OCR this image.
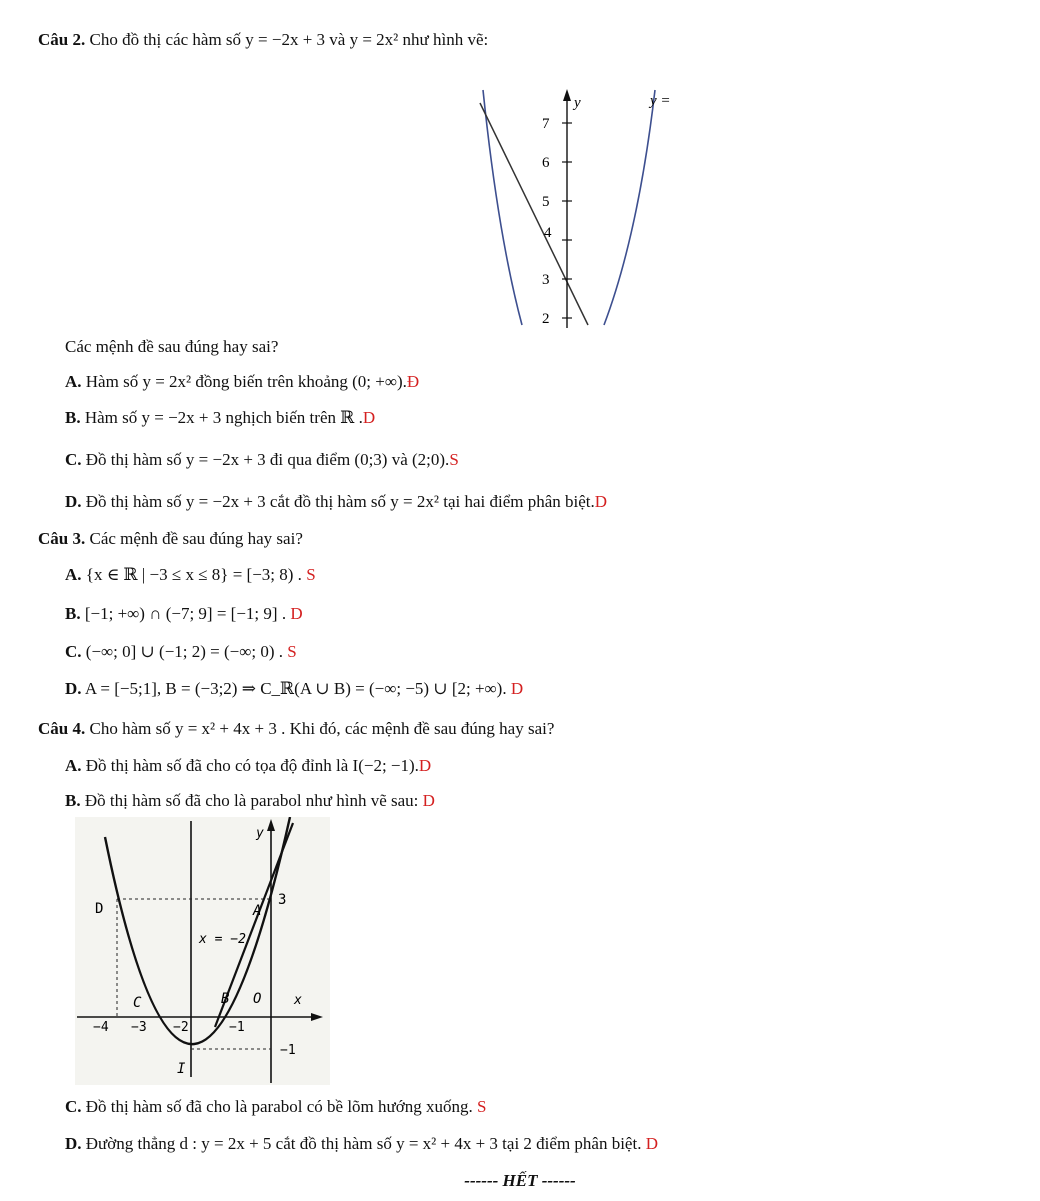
Câu 2. Cho đồ thị các hàm số y = −2x + 3 và y = 2x² như hình vẽ:
y	y =
7
6
5
4
3
2
Các mệnh đề sau đúng hay sai?
A. Hàm số y = 2x² đồng biến trên khoảng (0; +∞).Đ
B. Hàm số y = −2x + 3 nghịch biến trên ℝ .D
C. Đồ thị hàm số y = −2x + 3 đi qua điểm (0;3) và (2;0).S
D. Đồ thị hàm số y = −2x + 3 cắt đồ thị hàm số y = 2x² tại hai điểm phân biệt.D
Câu 3. Các mệnh đề sau đúng hay sai?
A. {x ∈ ℝ | −3 ≤ x ≤ 8} = [−3; 8) . S
B. [−1; +∞) ∩ (−7; 9] = [−1; 9] . D
C. (−∞; 0] ∪ (−1; 2) = (−∞; 0) . S
D. A = [−5;1], B = (−3;2) ⇒ C_ℝ(A ∪ B) = (−∞; −5) ∪ [2; +∞). D
Câu 4. Cho hàm số y = x² + 4x + 3 . Khi đó, các mệnh đề sau đúng hay sai?
A. Đồ thị hàm số đã cho có tọa độ đỉnh là I(−2; −1).D
B. Đồ thị hàm số đã cho là parabol như hình vẽ sau: D
y
x
D	A
3
x = −2
C	B O
−4 −3 −2	−1
−1
I
C. Đồ thị hàm số đã cho là parabol có bề lõm hướng xuống. S
D. Đường thẳng d : y = 2x + 5 cắt đồ thị hàm số y = x² + 4x + 3 tại 2 điểm phân biệt. D
------ HẾT ------
